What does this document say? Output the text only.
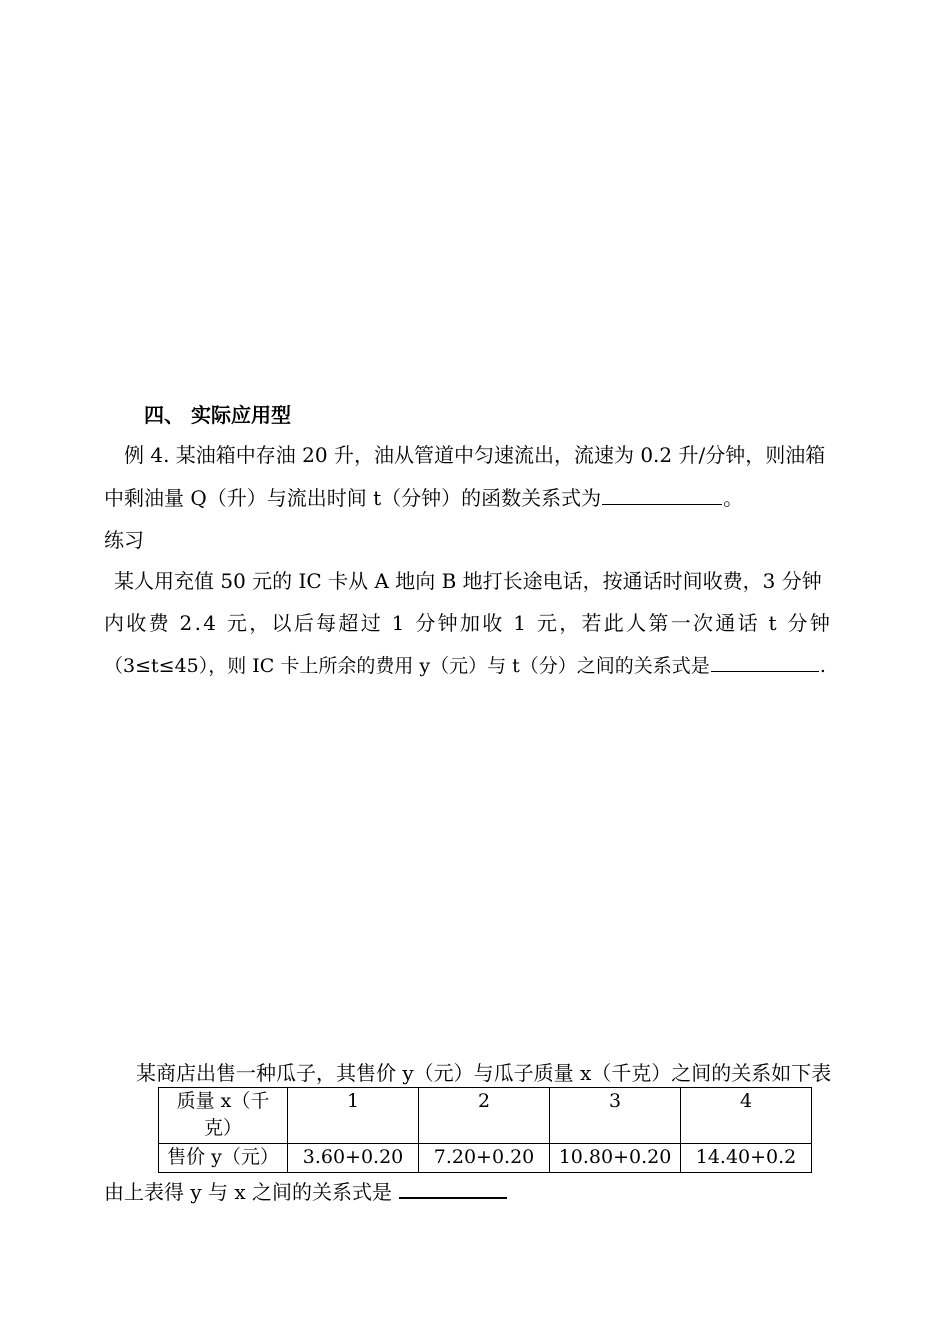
四、 实际应用型
例 4. 某油箱中存油 20 升，油从管道中匀速流出，流速为 0.2 升/分钟，则油箱
中剩油量 Q（升）与流出时间 t（分钟）的函数关系式为	。
练习
某人用充值 50 元的 IC 卡从 A 地向 B 地打长途电话，按通话时间收费，3 分钟
内收费 2.4 元，以后每超过 1 分钟加收 1 元，若此人第一次通话 t 分钟
（3≤t≤45），则 IC 卡上所余的费用 y（元）与 t（分）之间的关系式是	.
某商店出售一种瓜子，其售价 y（元）与瓜子质量 x（千克）之间的关系如下表
质量 x（千克）	1	2	3	4
售价 y（元）	3.60+0.20	7.20+0.20	10.80+0.20	14.40+0.2
由上表得 y 与 x 之间的关系式是
